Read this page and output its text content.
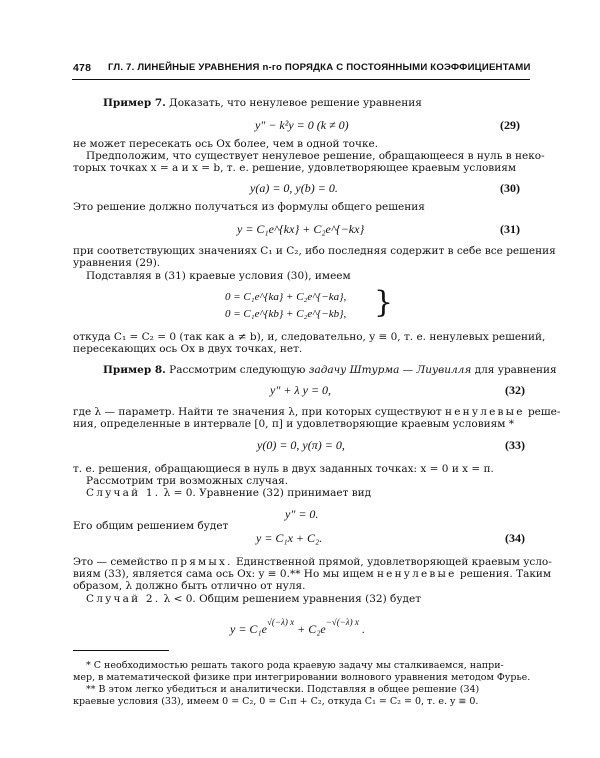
478 ГЛ. 7. ЛИНЕЙНЫЕ УРАВНЕНИЯ n-го ПОРЯДКА С ПОСТОЯННЫМИ КОЭФФИЦИЕНТАМИ
Пример 7. Доказать, что ненулевое решение уравнения
y″ − k²y = 0 (k ≠ 0)	(29)
не может пересекать ось Ox более, чем в одной точке.
Предположим, что существует ненулевое решение, обращающееся в нуль в неко-
торых точках x = a и x = b, т. е. решение, удовлетворяющее краевым условиям
y(a) = 0, y(b) = 0.	(30)
Это решение должно получаться из формулы общего решения
y = C₁e^{kx} + C₂e^{−kx}	(31)
при соответствующих значениях C₁ и C₂, ибо последняя содержит в себе все решения
уравнения (29).
Подставляя в (31) краевые условия (30), имеем
0 = C₁e^{ka} + C₂e^{−ka},
0 = C₁e^{kb} + C₂e^{−kb}, }
откуда C₁ = C₂ = 0 (так как a ≠ b), и, следовательно, y ≡ 0, т. е. ненулевых решений,
пересекающих ось Ox в двух точках, нет.
Пример 8. Рассмотрим следующую задачу Штурма — Лиувилля для уравнения
y″ + λ y = 0,	(32)
где λ — параметр. Найти те значения λ, при которых существуют ненулевые реше-
ния, определенные в интервале [0, π] и удовлетворяющие краевым условиям *
y(0) = 0, y(π) = 0,	(33)
т. е. решения, обращающиеся в нуль в двух заданных точках: x = 0 и x = π.
Рассмотрим три возможных случая.
Случай 1. λ = 0. Уравнение (32) принимает вид
y″ = 0.
Его общим решением будет
y = C₁x + C₂.	(34)
Это — семейство прямых. Единственной прямой, удовлетворяющей краевым усло-
виям (33), является сама ось Ox: y ≡ 0.** Но мы ищем ненулевые решения. Таким
образом, λ должно быть отлично от нуля.
Случай 2. λ < 0. Общим решением уравнения (32) будет
$y = C_1e^{√(-\lambda) x} + C_2e^{-√(-\lambda) x}$ .
* С необходимостью решать такого рода краевую задачу мы сталкиваемся, напри-
мер, в математической физике при интегрировании волнового уравнения методом Фурье.
** В этом легко убедиться и аналитически. Подставляя в общее решение (34)
краевые условия (33), имеем 0 = C₂, 0 = C₁π + C₂, откуда C₁ = C₂ = 0, т. е. y ≡ 0.
